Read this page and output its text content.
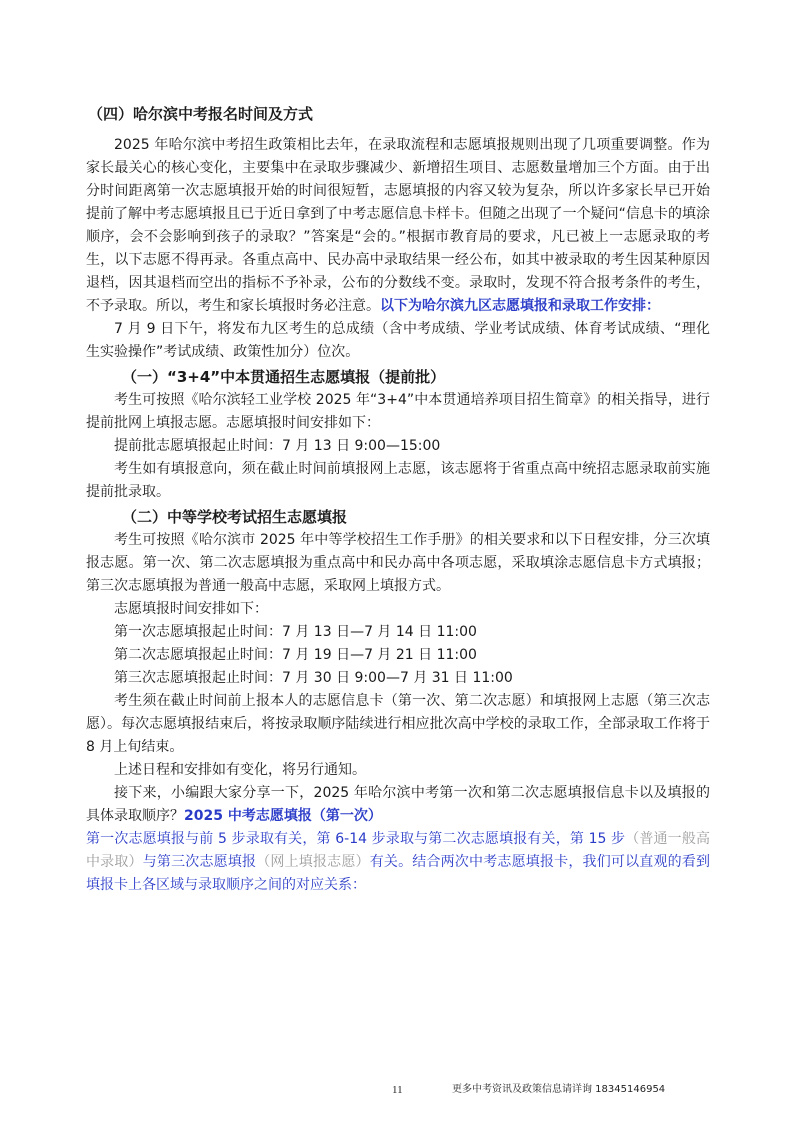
（四）哈尔滨中考报名时间及方式

2025 年哈尔滨中考招生政策相比去年，在录取流程和志愿填报规则出现了几项重要调整。作为家长最关心的核心变化，主要集中在录取步骤减少、新增招生项目、志愿数量增加三个方面。由于出分时间距离第一次志愿填报开始的时间很短暂，志愿填报的内容又较为复杂，所以许多家长早已开始提前了解中考志愿填报且已于近日拿到了中考志愿信息卡样卡。但随之出现了一个疑问“信息卡的填涂顺序，会不会影响到孩子的录取？”答案是“会的。”根据市教育局的要求，凡已被上一志愿录取的考生，以下志愿不得再录。各重点高中、民办高中录取结果一经公布，如其中被录取的考生因某种原因退档，因其退档而空出的指标不予补录，公布的分数线不变。录取时，发现不符合报考条件的考生，不予录取。所以，考生和家长填报时务必注意。以下为哈尔滨九区志愿填报和录取工作安排：

7 月 9 日下午，将发布九区考生的总成绩（含中考成绩、学业考试成绩、体育考试成绩、“理化生实验操作”考试成绩、政策性加分）位次。

（一）“3+4”中本贯通招生志愿填报（提前批）

考生可按照《哈尔滨轻工业学校 2025 年“3+4”中本贯通培养项目招生简章》的相关指导，进行提前批网上填报志愿。志愿填报时间安排如下：

提前批志愿填报起止时间：7 月 13 日 9:00—15:00

考生如有填报意向，须在截止时间前填报网上志愿，该志愿将于省重点高中统招志愿录取前实施提前批录取。

（二）中等学校考试招生志愿填报

考生可按照《哈尔滨市 2025 年中等学校招生工作手册》的相关要求和以下日程安排，分三次填报志愿。第一次、第二次志愿填报为重点高中和民办高中各项志愿，采取填涂志愿信息卡方式填报；第三次志愿填报为普通一般高中志愿，采取网上填报方式。

志愿填报时间安排如下：

第一次志愿填报起止时间：7 月 13 日—7 月 14 日 11:00

第二次志愿填报起止时间：7 月 19 日—7 月 21 日 11:00

第三次志愿填报起止时间：7 月 30 日 9:00—7 月 31 日 11:00

考生须在截止时间前上报本人的志愿信息卡（第一次、第二次志愿）和填报网上志愿（第三次志愿）。每次志愿填报结束后，将按录取顺序陆续进行相应批次高中学校的录取工作，全部录取工作将于 8 月上旬结束。

上述日程和安排如有变化，将另行通知。

接下来，小编跟大家分享一下，2025 年哈尔滨中考第一次和第二次志愿填报信息卡以及填报的具体录取顺序？2025 中考志愿填报（第一次）

第一次志愿填报与前 5 步录取有关，第 6-14 步录取与第二次志愿填报有关，第 15 步（普通一般高中录取）与第三次志愿填报（网上填报志愿）有关。结合两次中考志愿填报卡，我们可以直观的看到填报卡上各区域与录取顺序之间的对应关系：

11	更多中考资讯及政策信息请详询 18345146954
